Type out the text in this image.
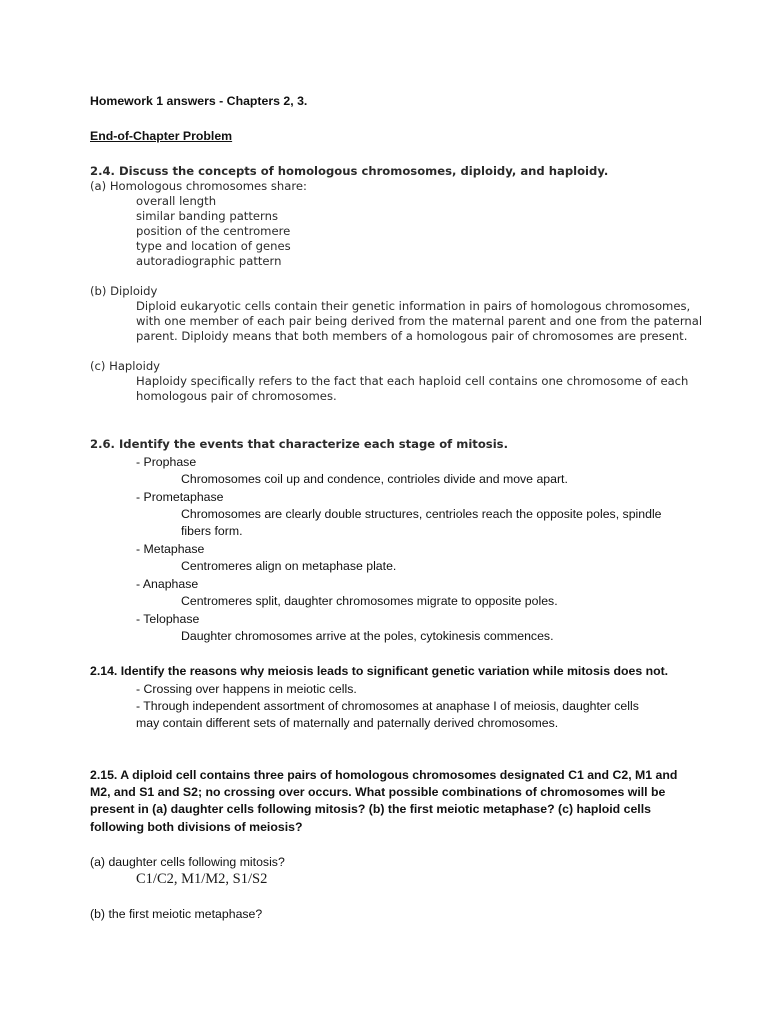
Homework 1 answers - Chapters 2, 3.
End-of-Chapter Problem
2.4. Discuss the concepts of homologous chromosomes, diploidy, and haploidy.
(a) Homologous chromosomes share:
overall length
similar banding patterns
position of the centromere
type and location of genes
autoradiographic pattern
(b) Diploidy
Diploid eukaryotic cells contain their genetic information in pairs of homologous chromosomes,
with one member of each pair being derived from the maternal parent and one from the paternal
parent. Diploidy means that both members of a homologous pair of chromosomes are present.
(c) Haploidy
Haploidy specifically refers to the fact that each haploid cell contains one chromosome of each
homologous pair of chromosomes.
2.6. Identify the events that characterize each stage of mitosis.
- Prophase
Chromosomes coil up and condence, contrioles divide and move apart.
- Prometaphase
Chromosomes are clearly double structures, centrioles reach the opposite poles, spindle
fibers form.
- Metaphase
Centromeres align on metaphase plate.
- Anaphase
Centromeres split, daughter chromosomes migrate to opposite poles.
- Telophase
Daughter chromosomes arrive at the poles, cytokinesis commences.
2.14. Identify the reasons why meiosis leads to significant genetic variation while mitosis does not.
- Crossing over happens in meiotic cells.
- Through independent assortment of chromosomes at anaphase I of meiosis, daughter cells
may contain different sets of maternally and paternally derived chromosomes.
2.15. A diploid cell contains three pairs of homologous chromosomes designated C1 and C2, M1 and
M2, and S1 and S2; no crossing over occurs. What possible combinations of chromosomes will be
present in (a) daughter cells following mitosis? (b) the first meiotic metaphase? (c) haploid cells
following both divisions of meiosis?
(a) daughter cells following mitosis?
C1/C2, M1/M2, S1/S2
(b) the first meiotic metaphase?
